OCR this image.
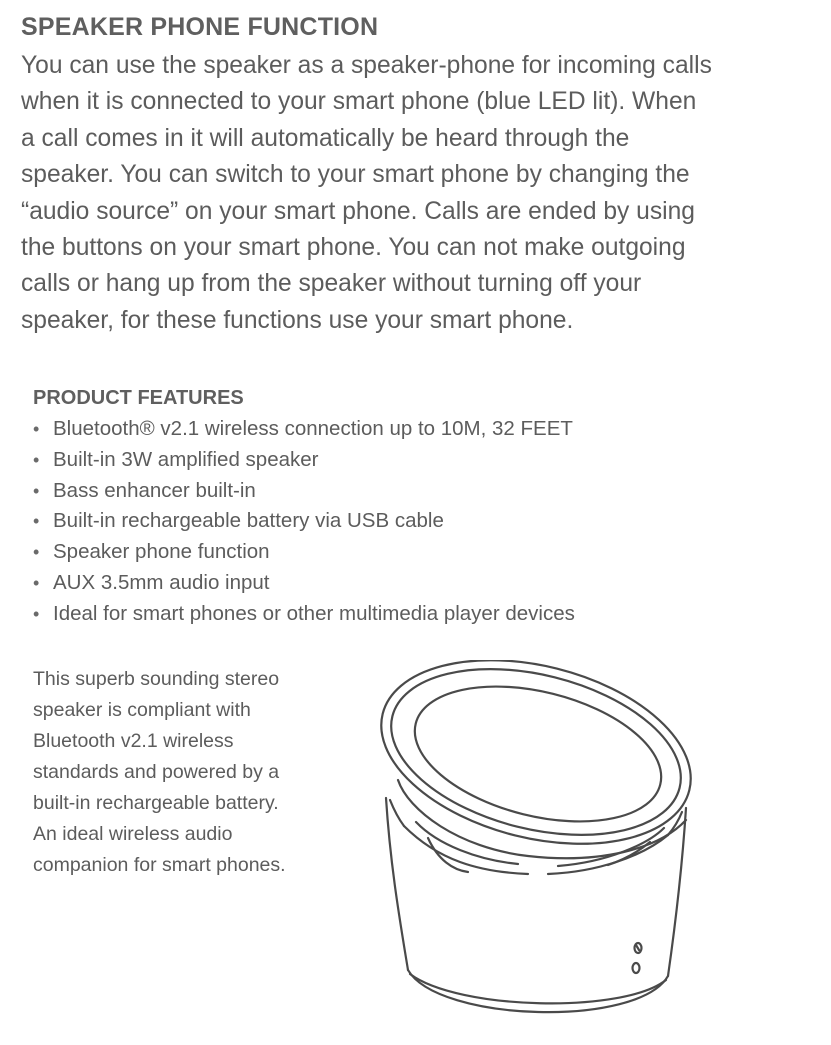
SPEAKER PHONE FUNCTION

You can use the speaker as a speaker-phone for incoming calls
when it is connected to your smart phone (blue LED lit). When
a call comes in it will automatically be heard through the
speaker. You can switch to your smart phone by changing the
“audio source” on your smart phone. Calls are ended by using
the buttons on your smart phone. You can not make outgoing
calls or hang up from the speaker without turning off your
speaker, for these functions use your smart phone.

PRODUCT FEATURES
• Bluetooth® v2.1 wireless connection up to 10M, 32 FEET
• Built-in 3W amplified speaker
• Bass enhancer built-in
• Built-in rechargeable battery via USB cable
• Speaker phone function
• AUX 3.5mm audio input
• Ideal for smart phones or other multimedia player devices
This superb sounding stereo
speaker is compliant with
Bluetooth v2.1 wireless
standards and powered by a
built-in rechargeable battery.
An ideal wireless audio
companion for smart phones.
